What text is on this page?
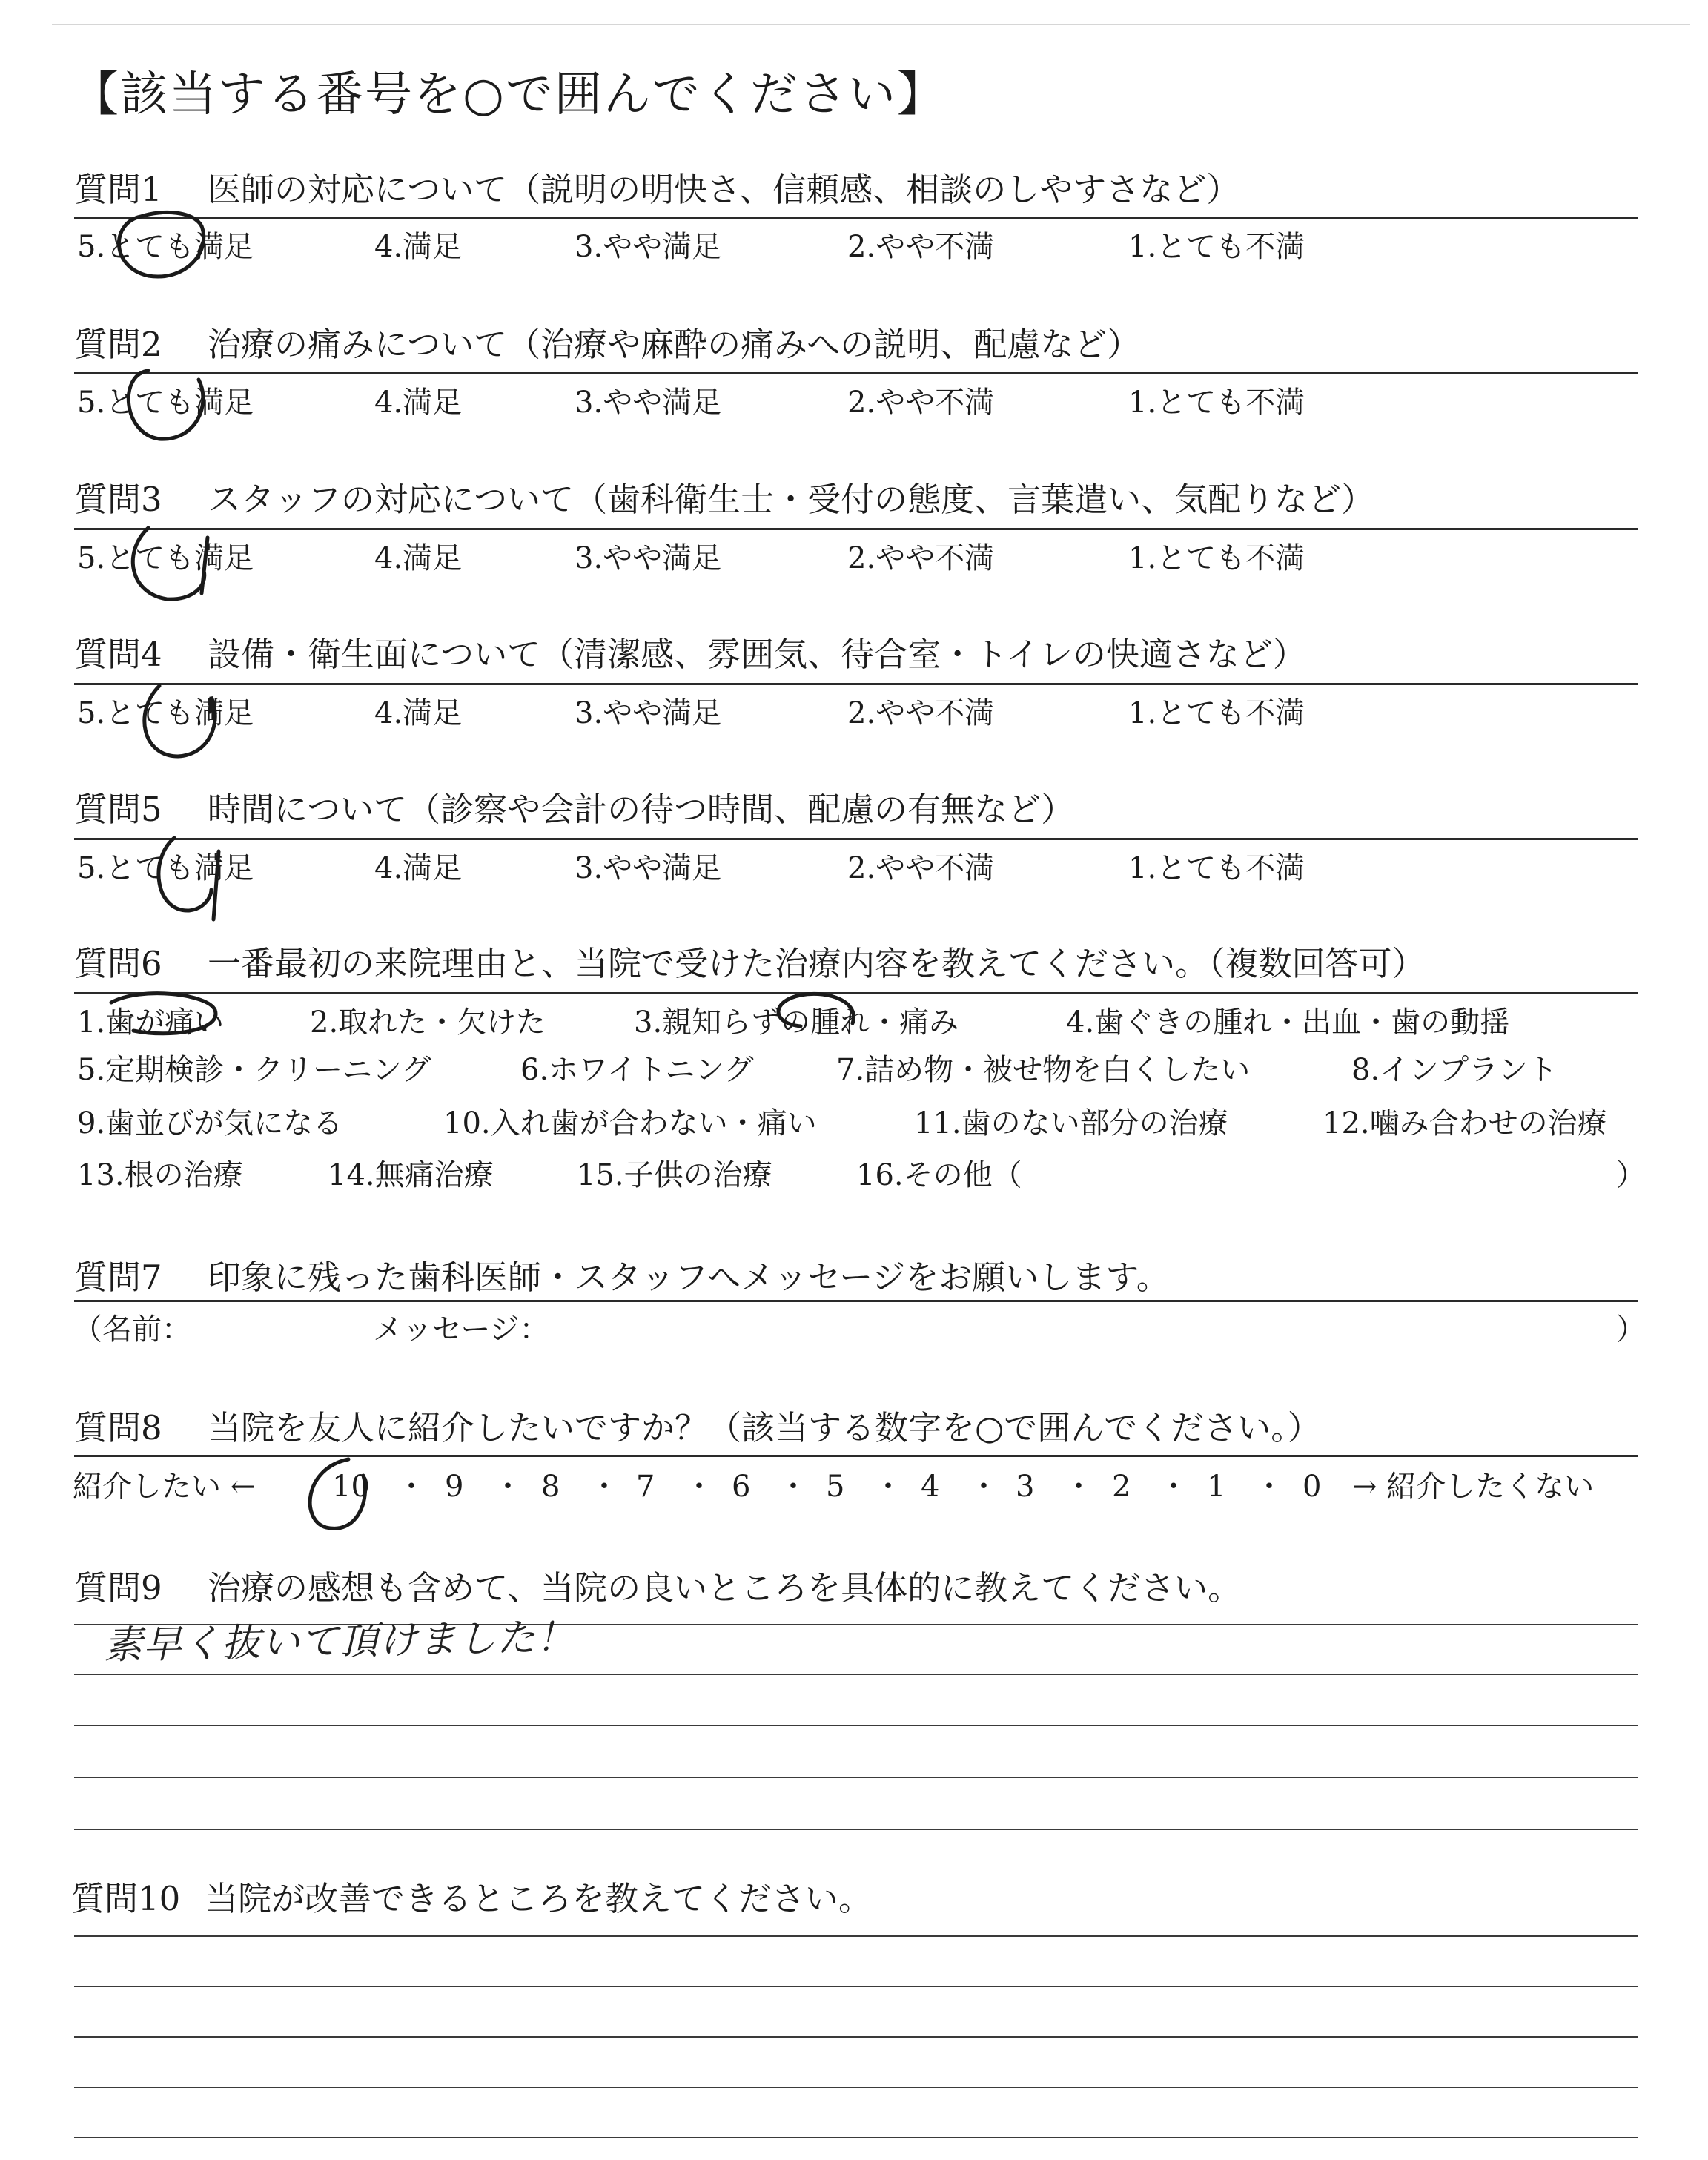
【該当する番号を○で囲んでください】
質問1 医師の対応について（説明の明快さ、信頼感、相談のしやすさなど）
5.とても満足	4.満足	3.やや満足	2.やや不満	1.とても不満
質問2 治療の痛みについて（治療や麻酔の痛みへの説明、配慮など）
5.とても満足	4.満足	3.やや満足	2.やや不満	1.とても不満
質問3 スタッフの対応について（歯科衛生士・受付の態度、言葉遣い、気配りなど）
5.とても満足	4.満足	3.やや満足	2.やや不満	1.とても不満
質問4 設備・衛生面について（清潔感、雰囲気、待合室・トイレの快適さなど）
5.とても満足	4.満足	3.やや満足	2.やや不満	1.とても不満
質問5 時間について（診察や会計の待つ時間、配慮の有無など）
5.とても満足	4.満足	3.やや満足	2.やや不満	1.とても不満
質問6 一番最初の来院理由と、当院で受けた治療内容を教えてください。（複数回答可）
1.歯が痛い	2.取れた・欠けた	3.親知らずの腫れ・痛み	4.歯ぐきの腫れ・出血・歯の動揺
5.定期検診・クリーニング	6.ホワイトニング	7.詰め物・被せ物を白くしたい	8.インプラント
9.歯並びが気になる	10.入れ歯が合わない・痛い	11.歯のない部分の治療	12.噛み合わせの治療
13.根の治療	14.無痛治療	15.子供の治療	16.その他（	）
質問7 印象に残った歯科医師・スタッフへメッセージをお願いします。
（名前：	メッセージ：	）
質問8 当院を友人に紹介したいですか？（該当する数字を○で囲んでください。）
紹介したい ←	10 ・ 9 ・ 8 ・ 7 ・ 6 ・ 5 ・ 4 ・ 3 ・ 2 ・ 1 ・ 0 → 紹介したくない
質問9 治療の感想も含めて、当院の良いところを具体的に教えてください。
素早く抜いて頂けました！
質問10 当院が改善できるところを教えてください。
